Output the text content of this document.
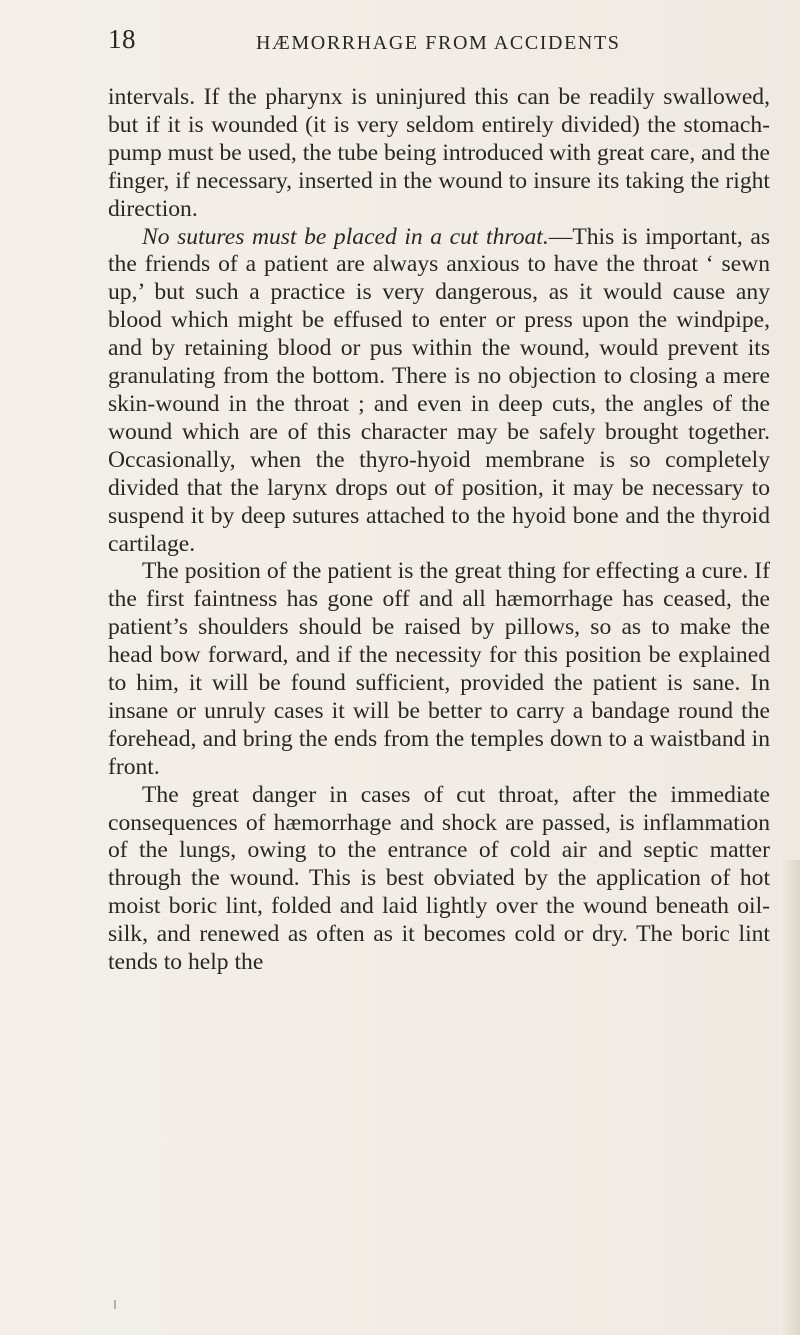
18	HÆMORRHAGE FROM ACCIDENTS

intervals. If the pharynx is uninjured this can be readily swallowed, but if it is wounded (it is very seldom entirely divided) the stomach-pump must be used, the tube being introduced with great care, and the finger, if necessary, inserted in the wound to insure its taking the right direction.

No sutures must be placed in a cut throat.—This is important, as the friends of a patient are always anxious to have the throat ‘ sewn up,’ but such a practice is very dangerous, as it would cause any blood which might be effused to enter or press upon the windpipe, and by retaining blood or pus within the wound, would prevent its granulating from the bottom. There is no objection to closing a mere skin-wound in the throat ; and even in deep cuts, the angles of the wound which are of this character may be safely brought together. Occasionally, when the thyro-hyoid membrane is so completely divided that the larynx drops out of position, it may be necessary to suspend it by deep sutures attached to the hyoid bone and the thyroid cartilage.

The position of the patient is the great thing for effecting a cure. If the first faintness has gone off and all hæmorrhage has ceased, the patient’s shoulders should be raised by pillows, so as to make the head bow forward, and if the necessity for this position be explained to him, it will be found sufficient, provided the patient is sane. In insane or unruly cases it will be better to carry a bandage round the forehead, and bring the ends from the temples down to a waistband in front.

The great danger in cases of cut throat, after the immediate consequences of hæmorrhage and shock are passed, is inflammation of the lungs, owing to the entrance of cold air and septic matter through the wound. This is best obviated by the application of hot moist boric lint, folded and laid lightly over the wound beneath oil-silk, and renewed as often as it becomes cold or dry. The boric lint tends to help the
